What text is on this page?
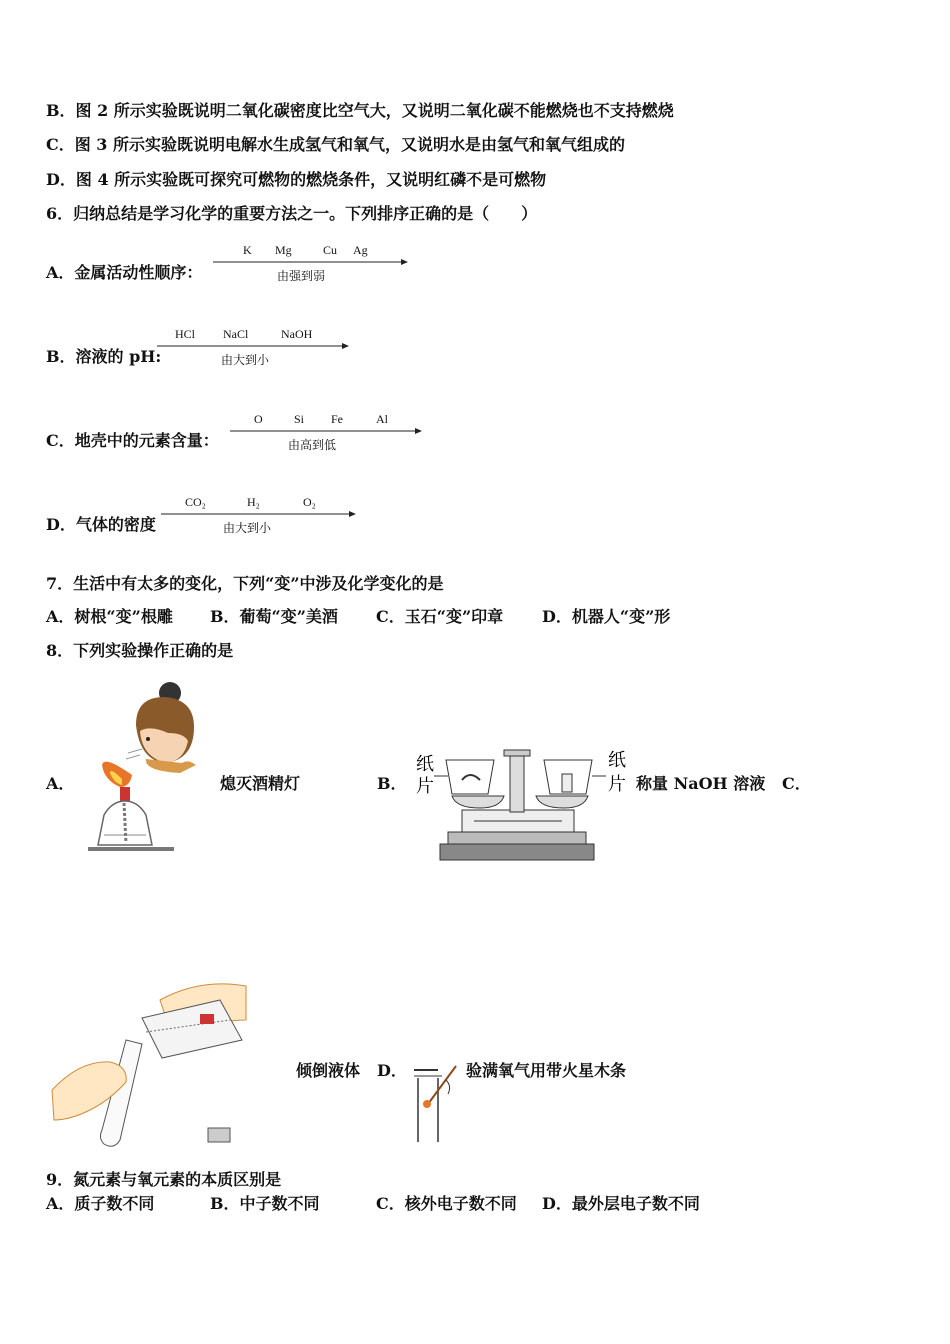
B．图 2 所示实验既说明二氧化碳密度比空气大，又说明二氧化碳不能燃烧也不支持燃烧
C．图 3 所示实验既说明电解水生成氢气和氧气，又说明水是由氢气和氧气组成的
D．图 4 所示实验既可探究可燃物的燃烧条件，又说明红磷不是可燃物
6．归纳总结是学习化学的重要方法之一。下列排序正确的是（　　）
A．金属活动性顺序：
K Mg	Cu Ag
由强到弱
B．溶液的 pH:
HCl NaCl	NaOH
由大到小
C．地壳中的元素含量：
O	Si Fe	Al
由高到低
D．气体的密度
CO₂	H₂	O₂
由大到小
7．生活中有太多的变化，下列“变”中涉及化学变化的是
A．树根“变”根雕 B．葡萄“变”美酒 C．玉石“变”印章 D．机器人“变”形
8．下列实验操作正确的是
A．	熄灭酒精灯	B．
纸
片
纸
片 称量 NaOH 溶液 C．
倾倒液体 D．	验满氧气用带火星木条
9．氮元素与氧元素的本质区别是
A．质子数不同	B．中子数不同	C．核外电子数不同 D．最外层电子数不同
